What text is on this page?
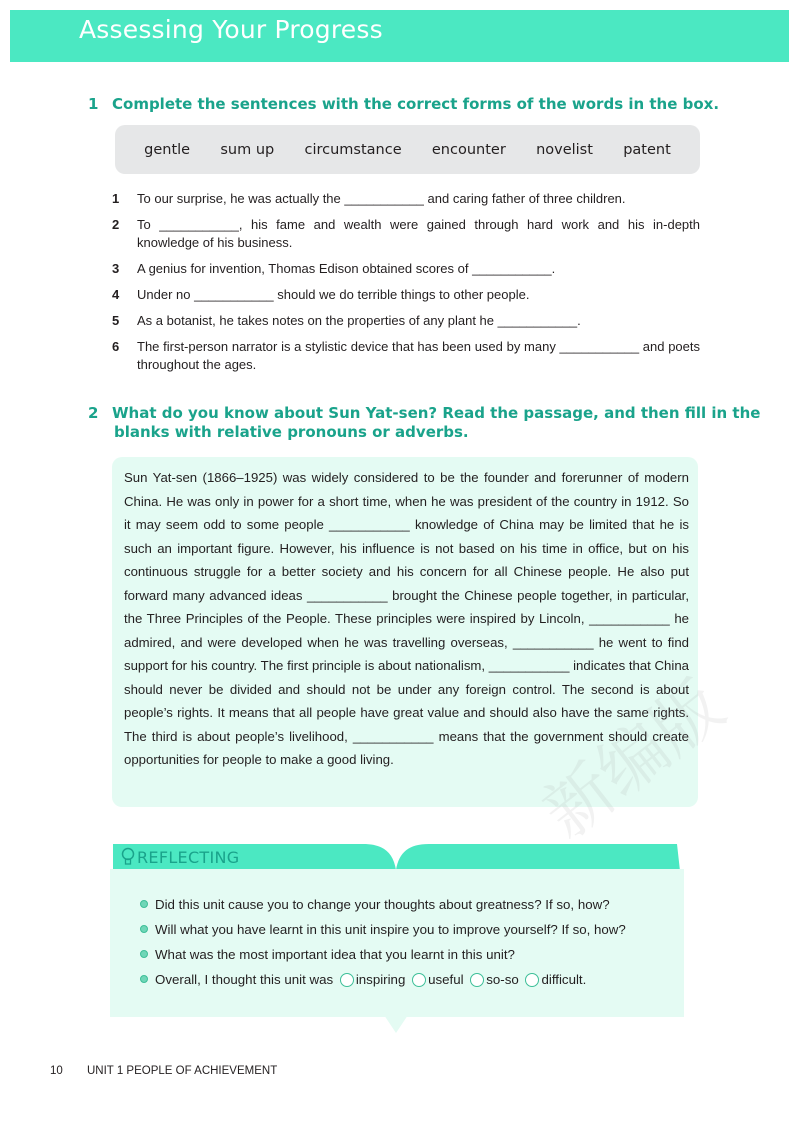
Assessing Your Progress
1 Complete the sentences with the correct forms of the words in the box.
gentle sum up circumstance encounter novelist patent
1	To our surprise, he was actually the ___________ and caring father of three children.
2	To ___________, his fame and wealth were gained through hard work and his in-depth knowledge of his business.
3	A genius for invention, Thomas Edison obtained scores of ___________.
4	Under no ___________ should we do terrible things to other people.
5	As a botanist, he takes notes on the properties of any plant he ___________.
6	The first-person narrator is a stylistic device that has been used by many ___________ and poets throughout the ages.
2 What do you know about Sun Yat-sen? Read the passage, and then fill in the
blanks with relative pronouns or adverbs.
Sun Yat-sen (1866–1925) was widely considered to be the founder and forerunner of modern China. He was only in power for a short time, when he was president of the country in 1912. So it may seem odd to some people ___________ knowledge of China may be limited that he is such an important figure. However, his influence is not based on his time in office, but on his continuous struggle for a better society and his concern for all Chinese people. He also put forward many advanced ideas ___________ brought the Chinese people together, in particular, the Three Principles of the People. These principles were inspired by Lincoln, ___________ he admired, and were developed when he was travelling overseas, ___________ he went to find support for his country. The first principle is about nationalism, ___________ indicates that China should never be divided and should not be under any foreign control. The second is about people’s rights. It means that all people have great value and should also have the same rights. The third is about people’s livelihood, ___________ means that the government should create opportunities for people to make a good living.
REFLECTING
Did this unit cause you to change your thoughts about greatness? If so, how?
Will what you have learnt in this unit inspire you to improve yourself? If so, how?
What was the most important idea that you learnt in this unit?
Overall, I thought this unit was inspiring useful so-so difficult.
10 UNIT 1 PEOPLE OF ACHIEVEMENT
